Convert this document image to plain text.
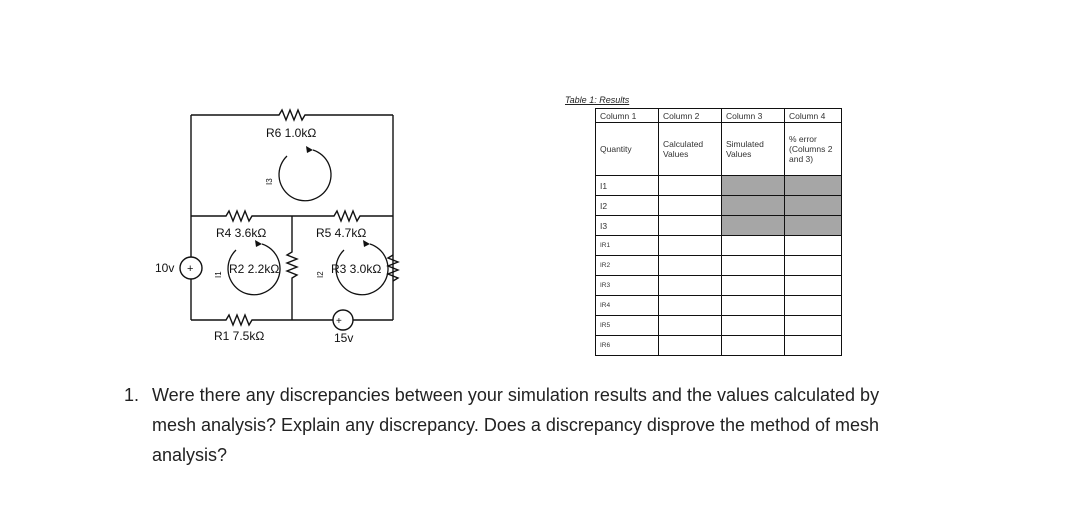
+
+
R6 1.0kΩ
R4 3.6kΩ	R5 4.7kΩ
R2 2.2kΩ	R3 3.0kΩ
R1 7.5kΩ
10v
15v
I3
I1	I2
Table 1: Results
Column 1	Column 2	Column 3	Column 4
Quantity	Calculated Values	Simulated Values	% error (Columns 2 and 3)
I1			
I2			
I3			
IR1			
IR2			
IR3			
IR4			
IR5			
IR6			
1. Were there any discrepancies between your simulation results and the values calculated by mesh analysis? Explain any discrepancy. Does a discrepancy disprove the method of mesh analysis?
